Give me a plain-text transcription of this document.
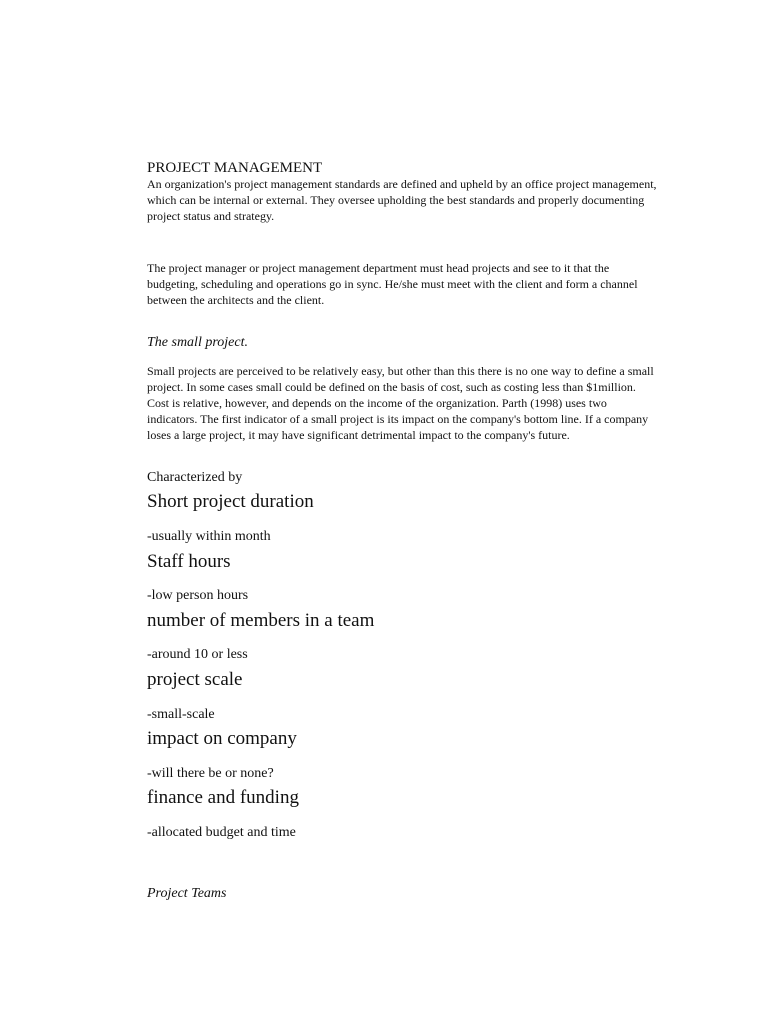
PROJECT MANAGEMENT

An organization's project management standards are defined and upheld by an office project management, which can be internal or external. They oversee upholding the best standards and properly documenting project status and strategy.

The project manager or project management department must head projects and see to it that the budgeting, scheduling and operations go in sync. He/she must meet with the client and form a channel between the architects and the client.

The small project.

Small projects are perceived to be relatively easy, but other than this there is no one way to define a small project. In some cases small could be defined on the basis of cost, such as costing less than $1million. Cost is relative, however, and depends on the income of the organization. Parth (1998) uses two indicators. The first indicator of a small project is its impact on the company's bottom line. If a company loses a large project, it may have significant detrimental impact to the company's future.

Characterized by
Short project duration
-usually within month
Staff hours
-low person hours
number of members in a team
-around 10 or less
project scale
-small-scale
impact on company
-will there be or none?
finance and funding
-allocated budget and time
Project Teams
